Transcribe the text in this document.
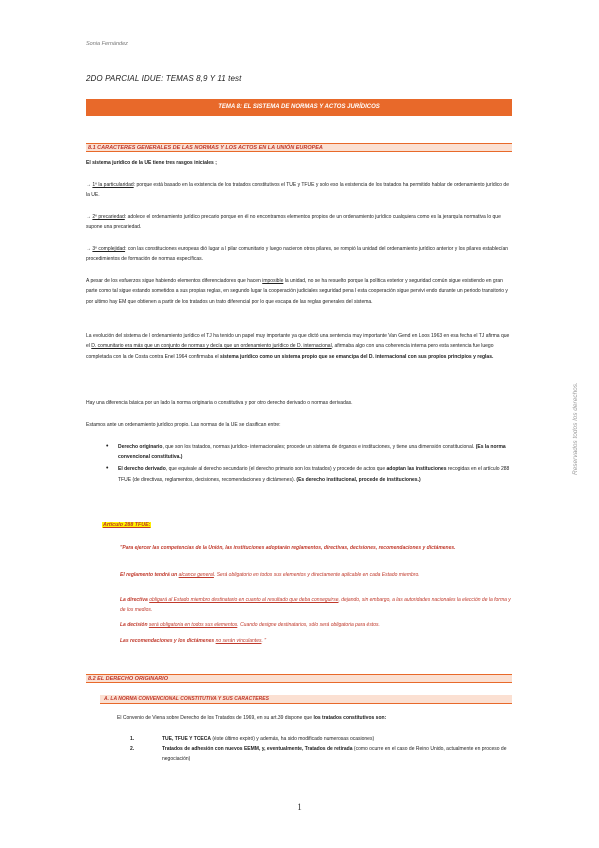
Sonia Fernández
2DO PARCIAL IDUE: TEMAS 8,9 Y 11 test
TEMA 8: EL SISTEMA DE NORMAS Y ACTOS JURÍDICOS
8.1 CARACTERES GENERALES DE LAS NORMAS Y LOS ACTOS EN LA UNIÓN EUROPEA
El sistema jurídico de la UE tiene tres rasgos iniciales ;
→ 1º la particularidad: porque está basado en la existencia de los tratados constitutivos el TUE y TFUE y solo eso la existencia de los tratados ha permitido hablar de ordenamiento jurídico de la UE.
→ 2º precariedad: adolece el ordenamiento jurídico precario porque en él no encontramos elementos propios de un ordenamiento jurídico cualquiera como es la jerarquía normativa lo que supone una precariedad.
→ 3º complejidad: con las constituciones europeas dió lugar a l pilar comunitario y luego nacieron otros pilares, se rompió la unidad del ordenamiento jurídico anterior y los pilares establecían procedimientos de formación de normas específicas.
A pesar de los esfuerzos sigue habiendo elementos diferenciadores que hacen imposible la unidad, no se ha resuelto porque la política exterior y seguridad común sigue existiendo en gran parte como tal sigue estando sometidos a sus propias reglas, en segundo lugar la cooperación judiciales seguridad pena l esta cooperación sigue pervivi endo durante un periodo transitorio y por ultimo hay EM que obtienen a partir de los tratados un trato diferencial por lo que escapa de las reglas generales del sistema.
La evolución del sistema de l ordenamiento jurídico el TJ ha tenido un papel muy importante ya que dictó una sentencia muy importante Van Gend en Loos 1963 en esa fecha el TJ afirma que el D. comunitario era más que un conjunto de normas y decía que un ordenamiento jurídico de D. internacional, afirmaba algo con una coherencia interna pero esta sentencia fue luego completada con la de Costa contra Enel 1964 confirmaba el sistema jurídico como un sistema propio que se emancipa del D. internacional con sus propios principios y reglas.
Hay una diferencia básica por un lado la norma originaria o constitutiva y por otro derecho derivado o normas derivadas.
Estamos ante un ordenamiento jurídico propio. Las normas de la UE se clasifican entre:
• Derecho originario, que son los tratados, normas jurídico- internacionales; procede un sistema de órganos e instituciones, y tiene una dimensión constitucional. (Es la norma convencional constitutiva.)
• El derecho derivado, que equivale al derecho secundario (el derecho primario son los tratados) y procede de actos que adoptan las instituciones recogidas en el artículo 288 TFUE (de directivas, reglamentos, decisiones, recomendaciones y dictámenes). (Es derecho institucional, procede de instituciones.)
Artículo 288 TFUE:
"Para ejercer las competencias de la Unión, las instituciones adoptarán reglamentos, directivas, decisiones, recomendaciones y dictámenes.
El reglamento tendrá un alcance general. Será obligatorio en todos sus elementos y directamente aplicable en cada Estado miembro.
La directiva obligará al Estado miembro destinatario en cuanto al resultado que deba conseguirse, dejando, sin embargo, a las autoridades nacionales la elección de la forma y de los medios.
La decisión será obligatoria en todos sus elementos. Cuando designe destinatarios, sólo será obligatoria para éstos.
Las recomendaciones y los dictámenes no serán vinculantes. "
8.2 EL DERECHO ORIGINARIO
A. LA NORMA CONVENCIONAL CONSTITUTIVA Y SUS CARACTERES
El Convenio de Viena sobre Derecho de los Tratados de 1969, en su art.39 dispone que los tratados constitutivos son:
1.	TUE, TFUE Y TCECA (éste último expiró) y además, ha sido modificado numerosas ocasiones)
2.	Tratados de adhesión con nuevos EEMM, y, eventualmente, Tratados de retirada (como ocurre en el caso de Reino Unido, actualmente en proceso de negociación)
Reservados todos los derechos.
1
